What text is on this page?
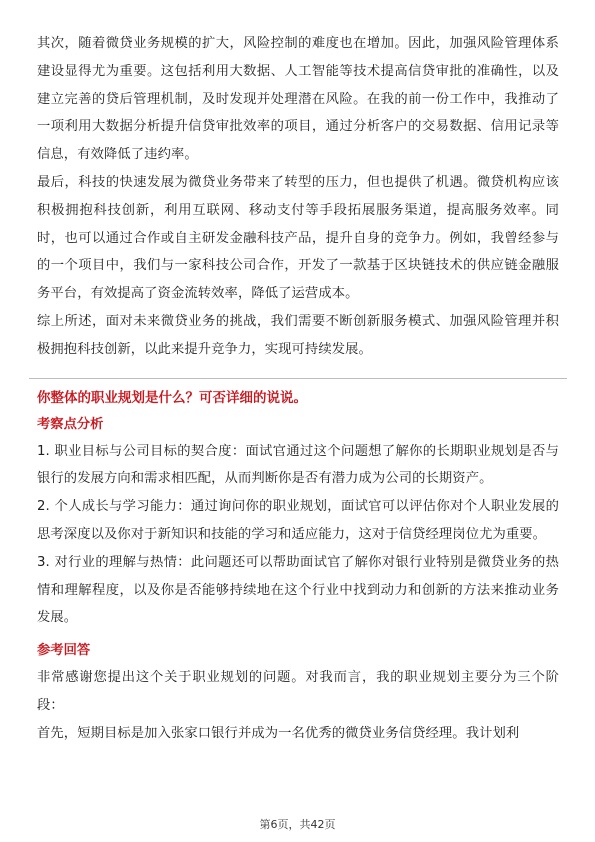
其次，随着微贷业务规模的扩大，风险控制的难度也在增加。因此，加强风险管理体系建设显得尤为重要。这包括利用大数据、人工智能等技术提高信贷审批的准确性，以及建立完善的贷后管理机制，及时发现并处理潜在风险。在我的前一份工作中，我推动了一项利用大数据分析提升信贷审批效率的项目，通过分析客户的交易数据、信用记录等信息，有效降低了违约率。

最后，科技的快速发展为微贷业务带来了转型的压力，但也提供了机遇。微贷机构应该积极拥抱科技创新，利用互联网、移动支付等手段拓展服务渠道，提高服务效率。同时，也可以通过合作或自主研发金融科技产品，提升自身的竞争力。例如，我曾经参与的一个项目中，我们与一家科技公司合作，开发了一款基于区块链技术的供应链金融服务平台，有效提高了资金流转效率，降低了运营成本。

综上所述，面对未来微贷业务的挑战，我们需要不断创新服务模式、加强风险管理并积极拥抱科技创新，以此来提升竞争力，实现可持续发展。

你整体的职业规划是什么？可否详细的说说。

考察点分析

1. 职业目标与公司目标的契合度：面试官通过这个问题想了解你的长期职业规划是否与银行的发展方向和需求相匹配，从而判断你是否有潜力成为公司的长期资产。

2. 个人成长与学习能力：通过询问你的职业规划，面试官可以评估你对个人职业发展的思考深度以及你对于新知识和技能的学习和适应能力，这对于信贷经理岗位尤为重要。

3. 对行业的理解与热情：此问题还可以帮助面试官了解你对银行业特别是微贷业务的热情和理解程度，以及你是否能够持续地在这个行业中找到动力和创新的方法来推动业务发展。

参考回答

非常感谢您提出这个关于职业规划的问题。对我而言，我的职业规划主要分为三个阶段：

首先，短期目标是加入张家口银行并成为一名优秀的微贷业务信贷经理。我计划利

第6页，共42页
